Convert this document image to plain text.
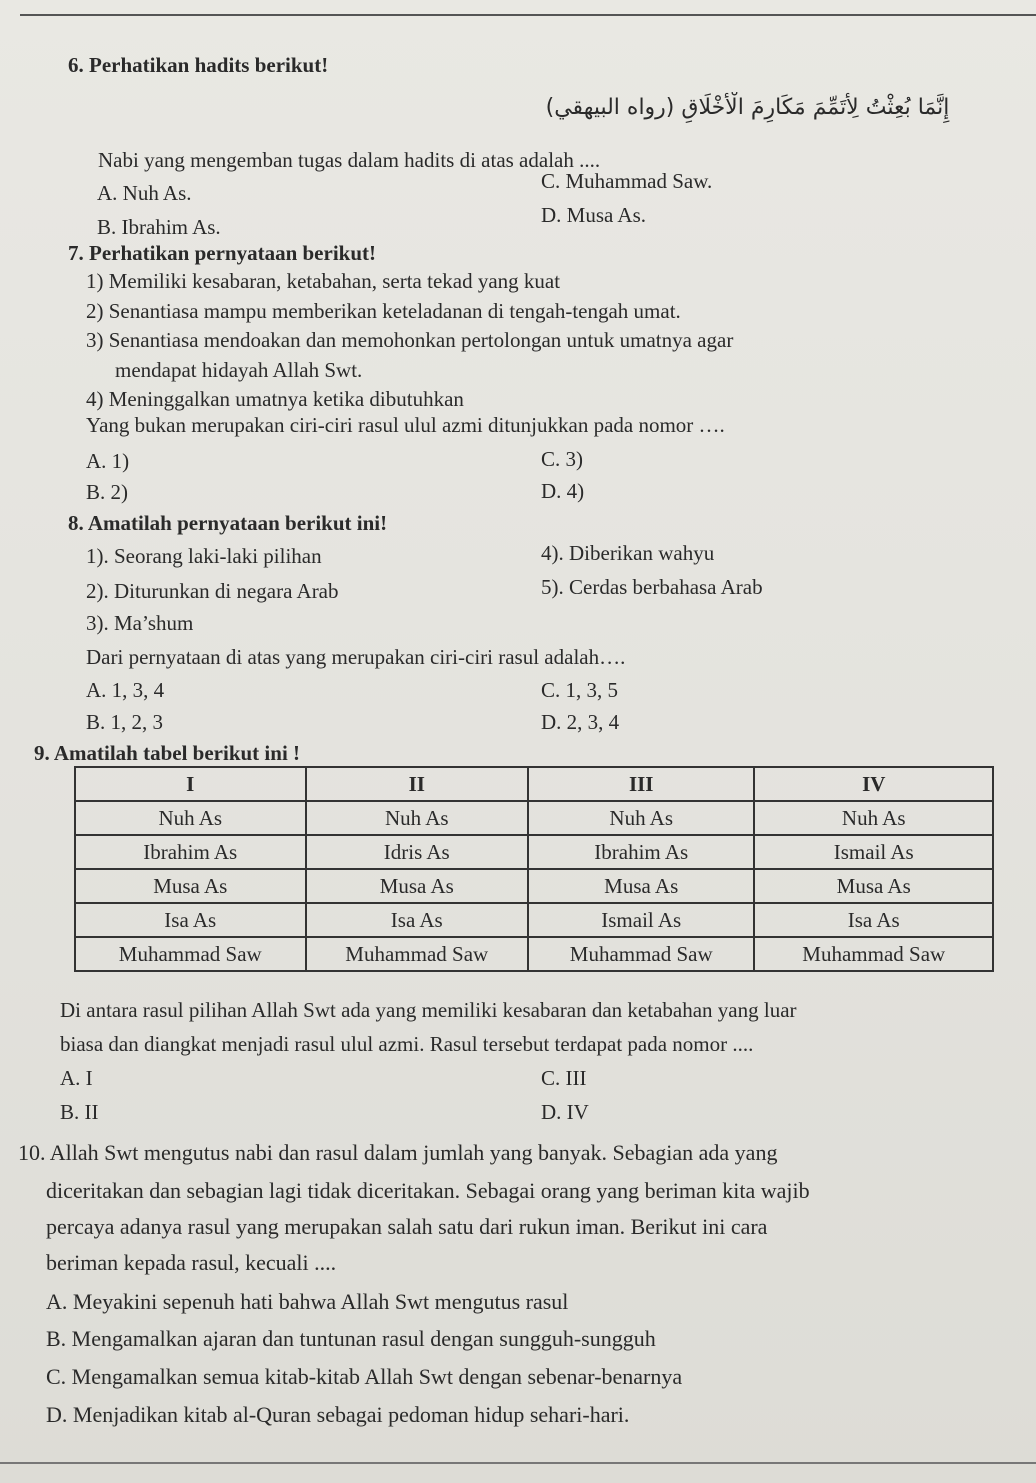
6. Perhatikan hadits berikut!
إِنَّمَا بُعِثْتُ لِأُتَمِّمَ مَكَارِمَ الْأَخْلَاقِ (رواه البيهقي)
Nabi yang mengemban tugas dalam hadits di atas adalah ....
A. Nuh As.
B. Ibrahim As.
C. Muhammad Saw.
D. Musa As.
7. Perhatikan pernyataan berikut!
1) Memiliki kesabaran, ketabahan, serta tekad yang kuat
2) Senantiasa mampu memberikan keteladanan di tengah-tengah umat.
3) Senantiasa mendoakan dan memohonkan pertolongan untuk umatnya agar
mendapat hidayah Allah Swt.
4) Meninggalkan umatnya ketika dibutuhkan
Yang bukan merupakan ciri-ciri rasul ulul azmi ditunjukkan pada nomor ….
A. 1)
B. 2)
C. 3)
D. 4)
8. Amatilah pernyataan berikut ini!
1). Seorang laki-laki pilihan
2). Diturunkan di negara Arab
3). Ma’shum
4). Diberikan wahyu
5). Cerdas berbahasa Arab
Dari pernyataan di atas yang merupakan ciri-ciri rasul adalah….
A. 1, 3, 4
B. 1, 2, 3
C. 1, 3, 5
D. 2, 3, 4
9. Amatilah tabel berikut ini !
I	II	III	IV
Nuh As	Nuh As	Nuh As	Nuh As
Ibrahim As	Idris As	Ibrahim As	Ismail As
Musa As	Musa As	Musa As	Musa As
Isa As	Isa As	Ismail As	Isa As
Muhammad Saw	Muhammad Saw	Muhammad Saw	Muhammad Saw
Di antara rasul pilihan Allah Swt ada yang memiliki kesabaran dan ketabahan yang luar
biasa dan diangkat menjadi rasul ulul azmi. Rasul tersebut terdapat pada nomor ....
A. I
B. II
C. III
D. IV
10. Allah Swt mengutus nabi dan rasul dalam jumlah yang banyak. Sebagian ada yang
diceritakan dan sebagian lagi tidak diceritakan. Sebagai orang yang beriman kita wajib
percaya adanya rasul yang merupakan salah satu dari rukun iman. Berikut ini cara
beriman kepada rasul, kecuali ....
A. Meyakini sepenuh hati bahwa Allah Swt mengutus rasul
B. Mengamalkan ajaran dan tuntunan rasul dengan sungguh-sungguh
C. Mengamalkan semua kitab-kitab Allah Swt dengan sebenar-benarnya
D. Menjadikan kitab al-Quran sebagai pedoman hidup sehari-hari.
